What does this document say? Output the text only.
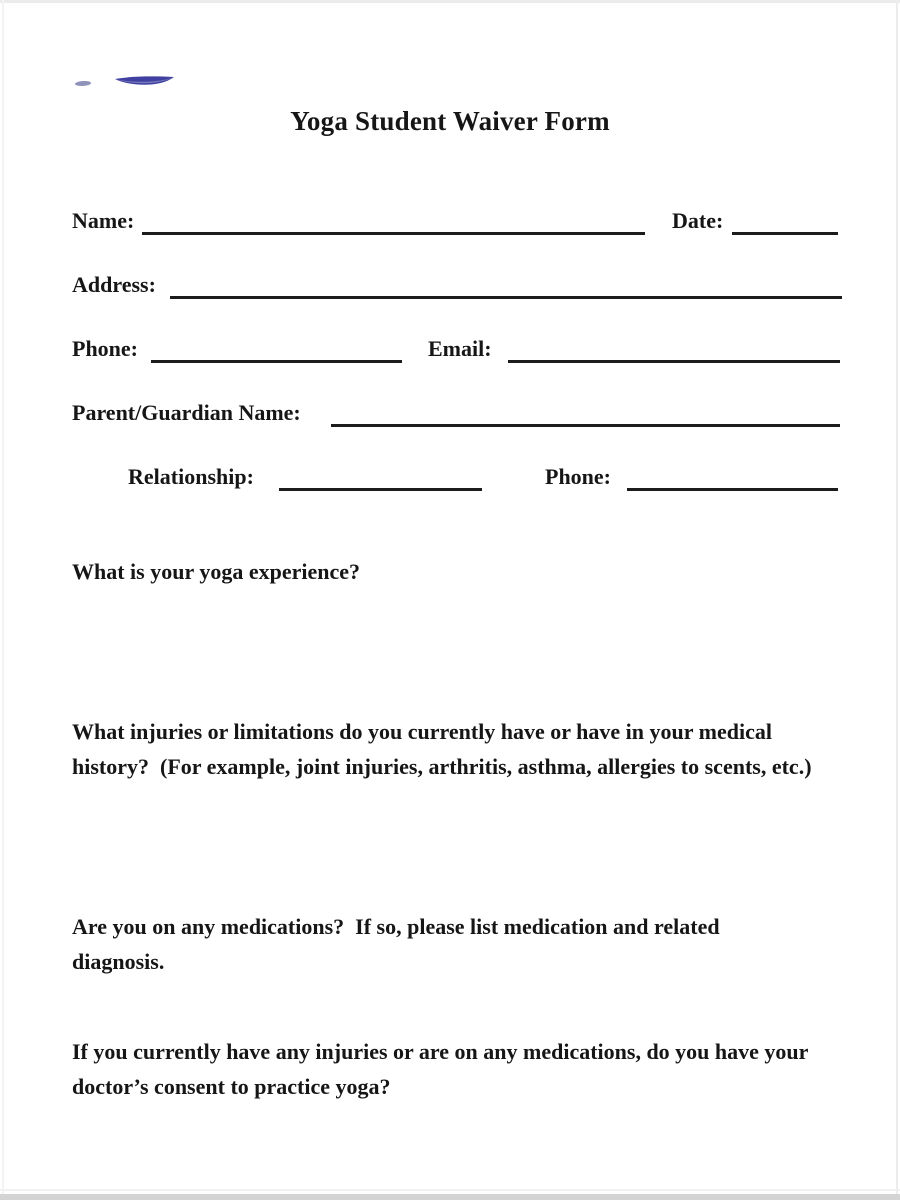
Yoga Student Waiver Form
Name:	Date:
Address:
Phone:	Email:
Parent/Guardian Name:
Relationship:	Phone:
What is your yoga experience?
What injuries or limitations do you currently have or have in your medical
history?  (For example, joint injuries, arthritis, asthma, allergies to scents, etc.)
Are you on any medications?  If so, please list medication and related
diagnosis.
If you currently have any injuries or are on any medications, do you have your
doctor’s consent to practice yoga?
